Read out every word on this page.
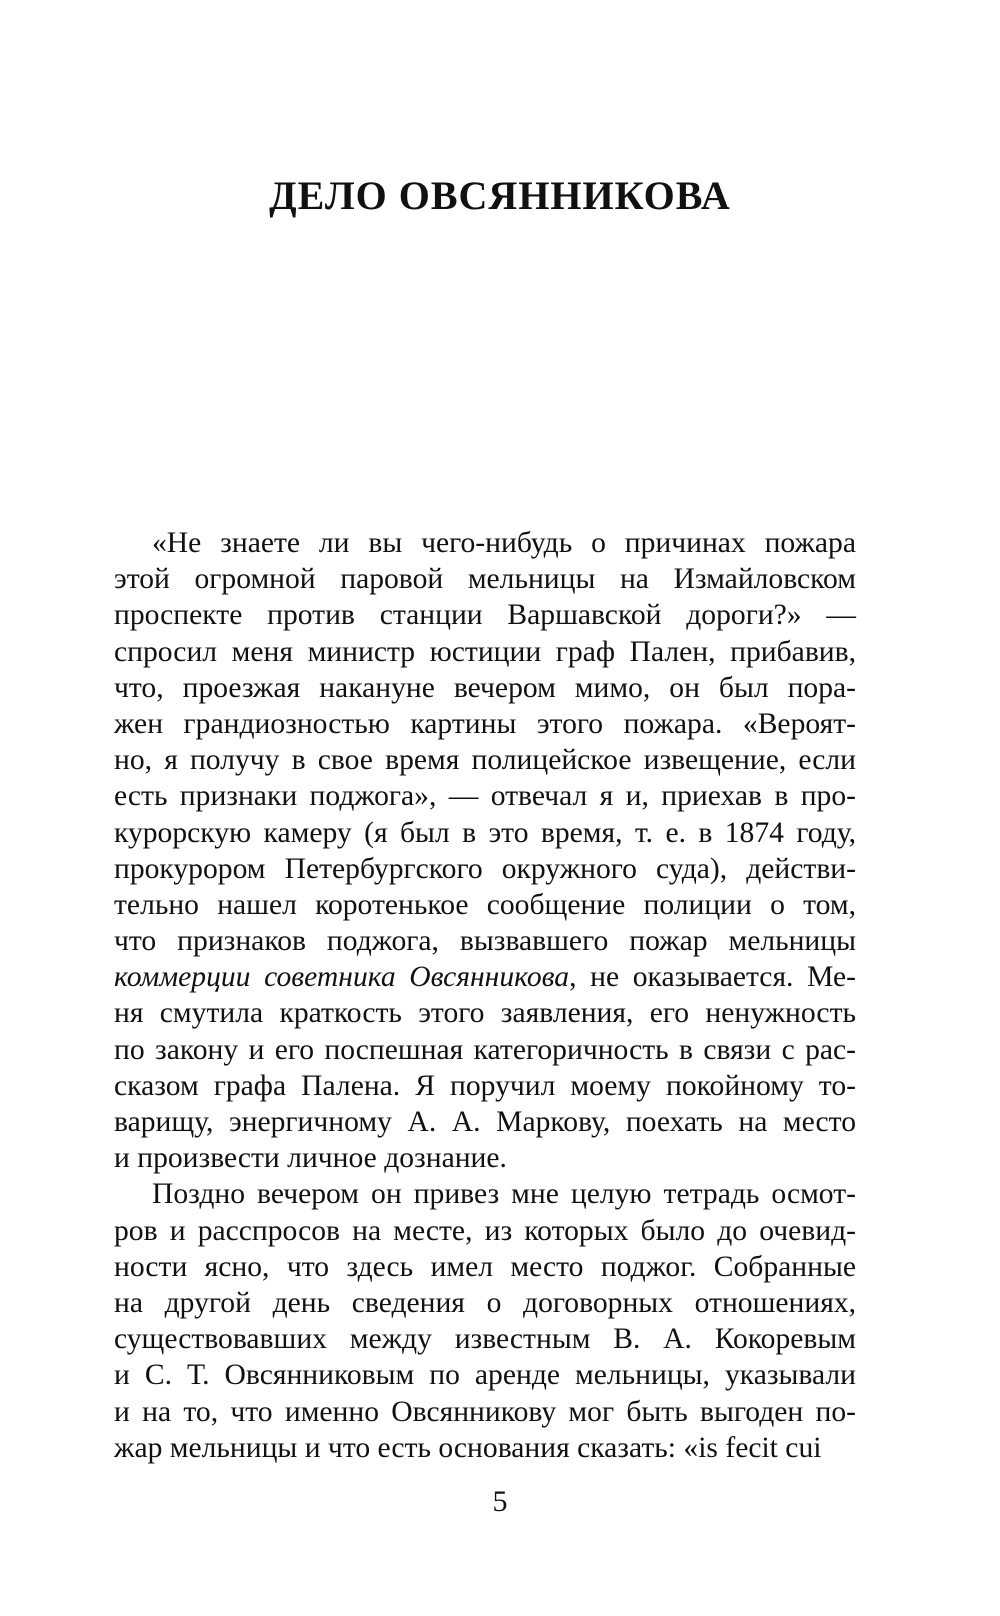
ДЕЛО ОВСЯННИКОВА
«Не знаете ли вы чего-нибудь о причинах пожара
этой огромной паровой мельницы на Измайловском
проспекте против станции Варшавской дороги?» —
спросил меня министр юстиции граф Пален, прибавив,
что, проезжая накануне вечером мимо, он был пора-
жен грандиозностью картины этого пожара. «Вероят-
но, я получу в свое время полицейское извещение, если
есть признаки поджога», — отвечал я и, приехав в про-
курорскую камеру (я был в это время, т. е. в 1874 году,
прокурором Петербургского окружного суда), действи-
тельно нашел коротенькое сообщение полиции о том,
что признаков поджога, вызвавшего пожар мельницы
коммерции советника Овсянникова, не оказывается. Ме-
ня смутила краткость этого заявления, его ненужность
по закону и его поспешная категоричность в связи с рас-
сказом графа Палена. Я поручил моему покойному то-
варищу, энергичному А. А. Маркову, поехать на место
и произвести личное дознание.
Поздно вечером он привез мне целую тетрадь осмот-
ров и расспросов на месте, из которых было до очевид-
ности ясно, что здесь имел место поджог. Собранные
на другой день сведения о договорных отношениях,
существовавших между известным В. А. Кокоревым
и С. Т. Овсянниковым по аренде мельницы, указывали
и на то, что именно Овсянникову мог быть выгоден по-
жар мельницы и что есть основания сказать: «is fecit cui
5
